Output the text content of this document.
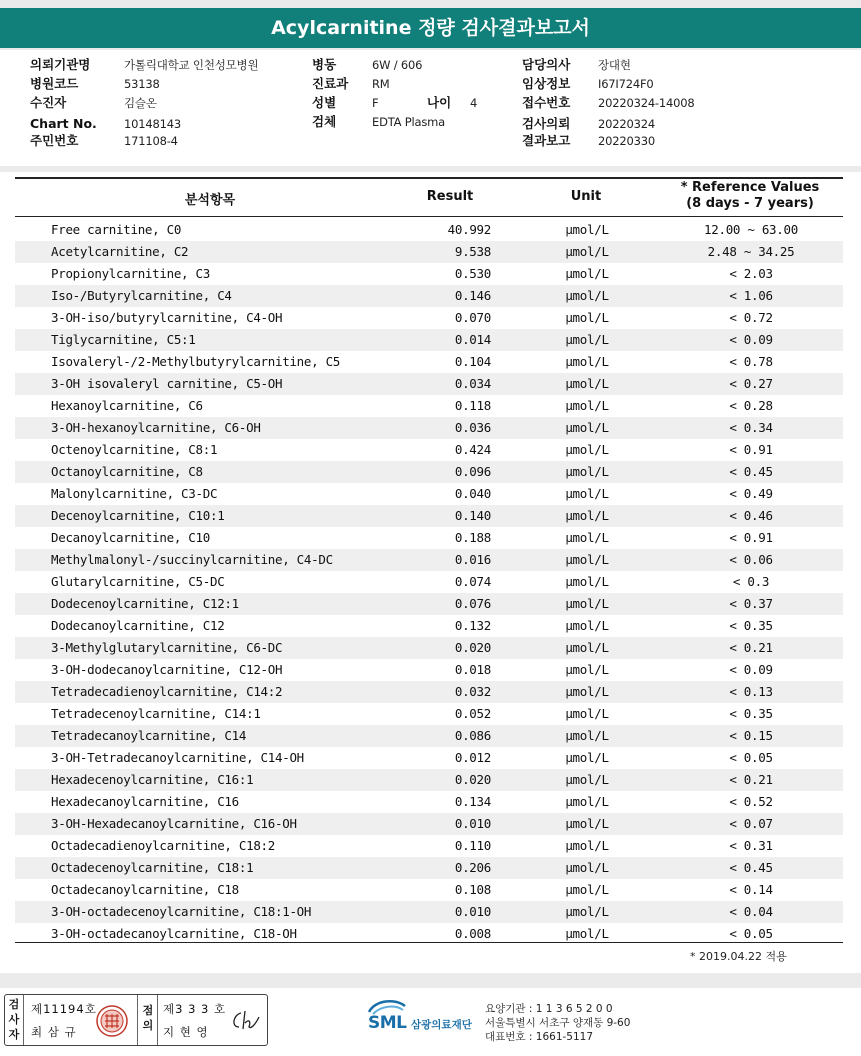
Acylcarnitine 정량 검사결과보고서
의뢰기관명	가톨릭대학교 인천성모병원
병원코드	53138
수진자	김슬온
Chart No. 10148143
주민번호	171108-4
병동	6W / 606
진료과 RM
성별	F	나이 4
검체	EDTA Plasma
담당의사 장대현
임상정보 I67I724F0
접수번호 20220324-14008
검사의뢰 20220324
결과보고 20220330
분석항목	Result	Unit
* Reference Values
(8 days - 7 years)
Free carnitine, C0	40.992	μmol/L	12.00 ~ 63.00
Acetylcarnitine, C2	9.538	μmol/L	2.48 ~ 34.25
Propionylcarnitine, C3	0.530	μmol/L	< 2.03
Iso-/Butyrylcarnitine, C4	0.146	μmol/L	< 1.06
3-OH-iso/butyrylcarnitine, C4-OH	0.070	μmol/L	< 0.72
Tiglycarnitine, C5:1	0.014	μmol/L	< 0.09
Isovaleryl-/2-Methylbutyrylcarnitine, C5	0.104	μmol/L	< 0.78
3-OH isovaleryl carnitine, C5-OH	0.034	μmol/L	< 0.27
Hexanoylcarnitine, C6	0.118	μmol/L	< 0.28
3-OH-hexanoylcarnitine, C6-OH	0.036	μmol/L	< 0.34
Octenoylcarnitine, C8:1	0.424	μmol/L	< 0.91
Octanoylcarnitine, C8	0.096	μmol/L	< 0.45
Malonylcarnitine, C3-DC	0.040	μmol/L	< 0.49
Decenoylcarnitine, C10:1	0.140	μmol/L	< 0.46
Decanoylcarnitine, C10	0.188	μmol/L	< 0.91
Methylmalonyl-/succinylcarnitine, C4-DC	0.016	μmol/L	< 0.06
Glutarylcarnitine, C5-DC	0.074	μmol/L	< 0.3
Dodecenoylcarnitine, C12:1	0.076	μmol/L	< 0.37
Dodecanoylcarnitine, C12	0.132	μmol/L	< 0.35
3-Methylglutarylcarnitine, C6-DC	0.020	μmol/L	< 0.21
3-OH-dodecanoylcarnitine, C12-OH	0.018	μmol/L	< 0.09
Tetradecadienoylcarnitine, C14:2	0.032	μmol/L	< 0.13
Tetradecenoylcarnitine, C14:1	0.052	μmol/L	< 0.35
Tetradecanoylcarnitine, C14	0.086	μmol/L	< 0.15
3-OH-Tetradecanoylcarnitine, C14-OH	0.012	μmol/L	< 0.05
Hexadecenoylcarnitine, C16:1	0.020	μmol/L	< 0.21
Hexadecanoylcarnitine, C16	0.134	μmol/L	< 0.52
3-OH-Hexadecanoylcarnitine, C16-OH	0.010	μmol/L	< 0.07
Octadecadienoylcarnitine, C18:2	0.110	μmol/L	< 0.31
Octadecenoylcarnitine, C18:1	0.206	μmol/L	< 0.45
Octadecanoylcarnitine, C18	0.108	μmol/L	< 0.14
3-OH-octadecenoylcarnitine, C18:1-OH	0.010	μmol/L	< 0.04
3-OH-octadecanoylcarnitine, C18-OH	0.008	μmol/L	< 0.05
* 2019.04.22 적용
검사자
제11194호
최 삼 규
점의
제3 3 3 호
지 현 영	SML 삼광의료재단
요양기관 : 1 1 3 6 5 2 0 0
서울특별시 서초구 양재동 9-60
대표번호 : 1661-5117
